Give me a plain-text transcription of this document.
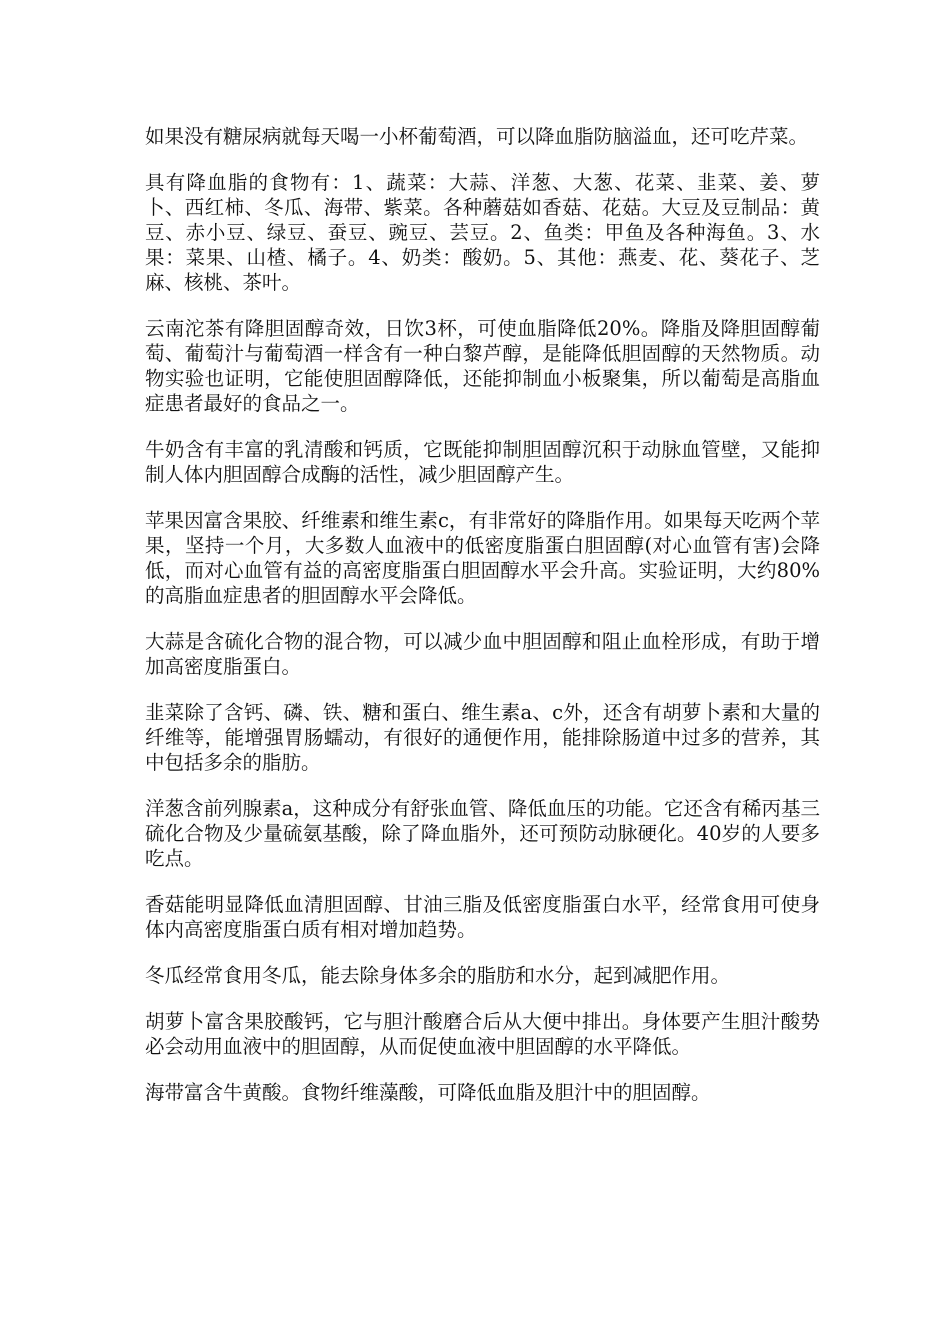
如果没有糖尿病就每天喝一小杯葡萄酒，可以降血脂防脑溢血，还可吃芹菜。

具有降血脂的食物有：1、蔬菜：大蒜、洋葱、大葱、花菜、韭菜、姜、萝卜、西红柿、冬瓜、海带、紫菜。各种蘑菇如香菇、花菇。大豆及豆制品：黄豆、赤小豆、绿豆、蚕豆、豌豆、芸豆。2、鱼类：甲鱼及各种海鱼。3、水果：菜果、山楂、橘子。4、奶类：酸奶。5、其他：燕麦、花、葵花子、芝麻、核桃、茶叶。

云南沱茶有降胆固醇奇效，日饮3杯，可使血脂降低20%。降脂及降胆固醇葡萄、葡萄汁与葡萄酒一样含有一种白黎芦醇，是能降低胆固醇的天然物质。动物实验也证明，它能使胆固醇降低，还能抑制血小板聚集，所以葡萄是高脂血症患者最好的食品之一。

牛奶含有丰富的乳清酸和钙质，它既能抑制胆固醇沉积于动脉血管壁，又能抑制人体内胆固醇合成酶的活性，减少胆固醇产生。

苹果因富含果胶、纤维素和维生素c，有非常好的降脂作用。如果每天吃两个苹果，坚持一个月，大多数人血液中的低密度脂蛋白胆固醇(对心血管有害)会降低，而对心血管有益的高密度脂蛋白胆固醇水平会升高。实验证明，大约80%的高脂血症患者的胆固醇水平会降低。

大蒜是含硫化合物的混合物，可以减少血中胆固醇和阻止血栓形成，有助于增加高密度脂蛋白。

韭菜除了含钙、磷、铁、糖和蛋白、维生素a、c外，还含有胡萝卜素和大量的纤维等，能增强胃肠蠕动，有很好的通便作用，能排除肠道中过多的营养，其中包括多余的脂肪。

洋葱含前列腺素a，这种成分有舒张血管、降低血压的功能。它还含有稀丙基三硫化合物及少量硫氨基酸，除了降血脂外，还可预防动脉硬化。40岁的人要多吃点。

香菇能明显降低血清胆固醇、甘油三脂及低密度脂蛋白水平，经常食用可使身体内高密度脂蛋白质有相对增加趋势。

冬瓜经常食用冬瓜，能去除身体多余的脂肪和水分，起到减肥作用。

胡萝卜富含果胶酸钙，它与胆汁酸磨合后从大便中排出。身体要产生胆汁酸势必会动用血液中的胆固醇，从而促使血液中胆固醇的水平降低。

海带富含牛黄酸。食物纤维藻酸，可降低血脂及胆汁中的胆固醇。
